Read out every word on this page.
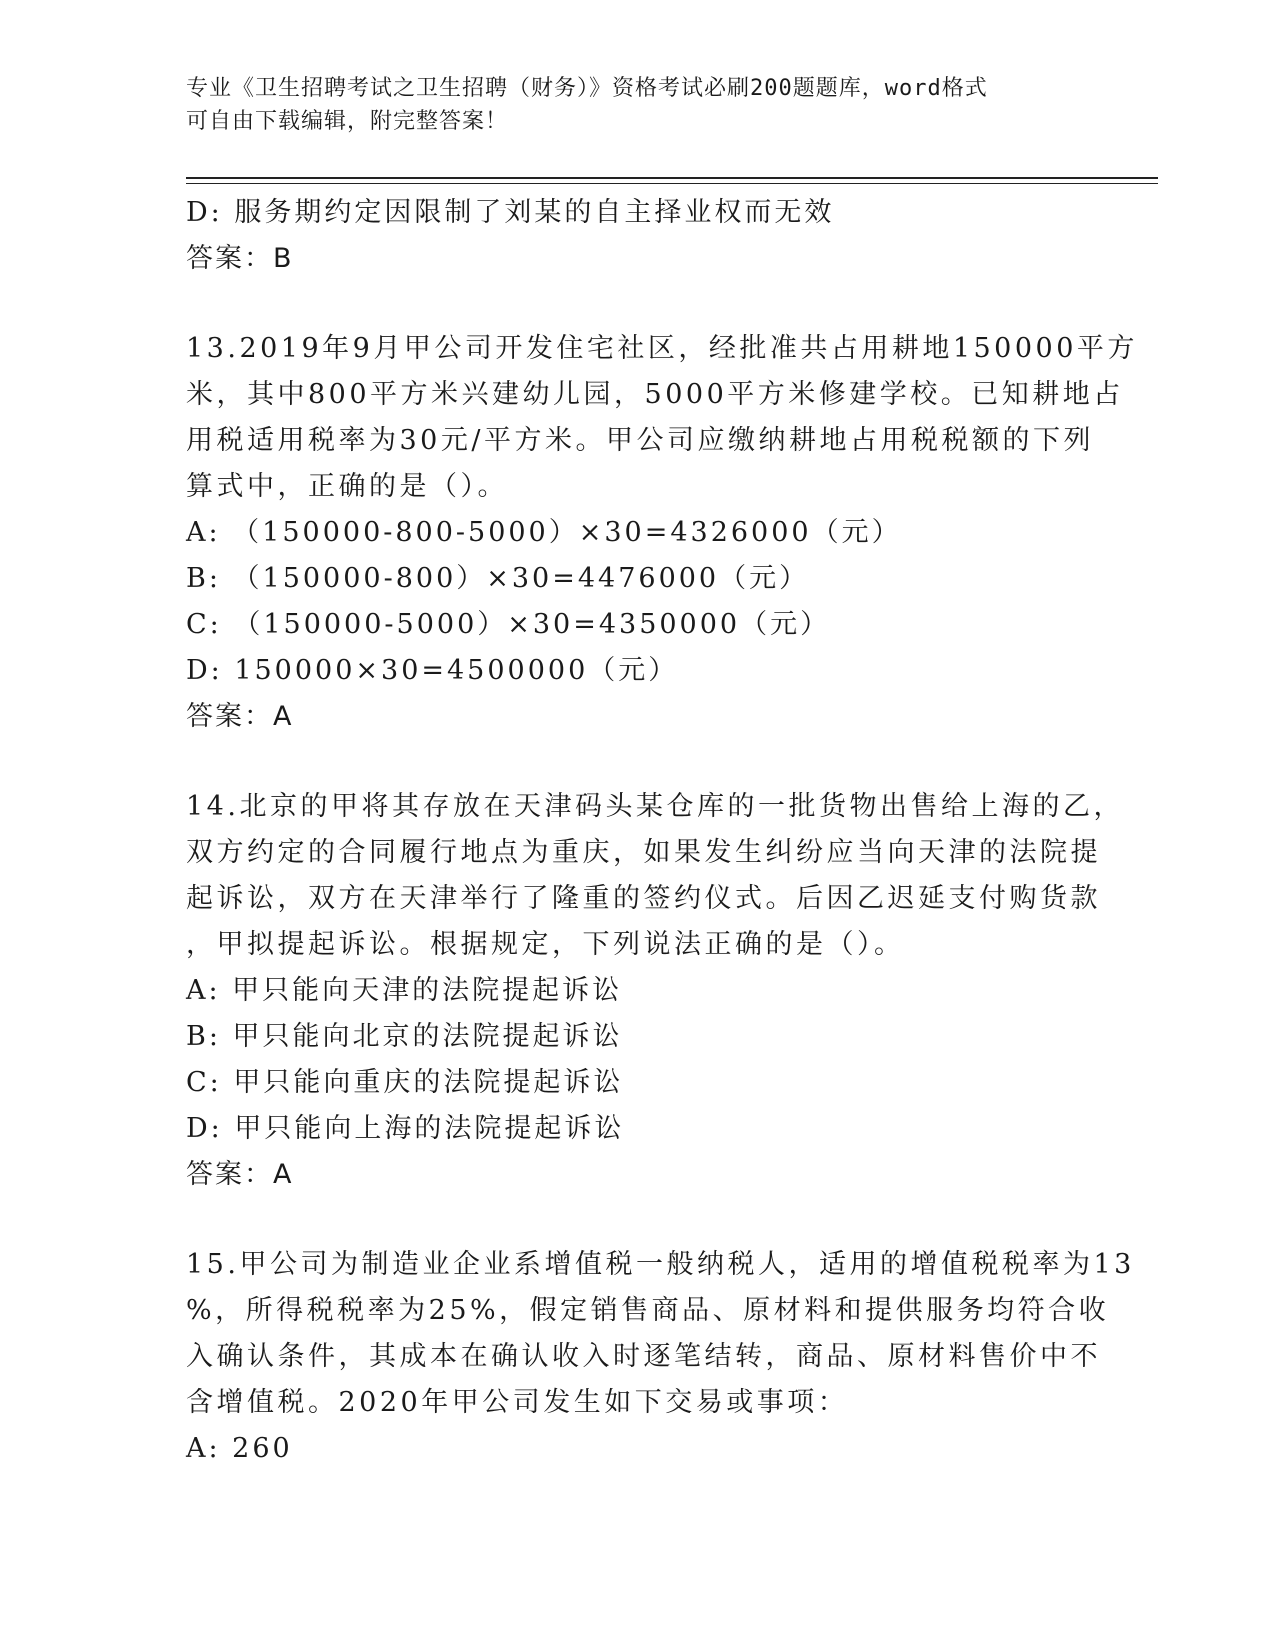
专业《卫生招聘考试之卫生招聘（财务）》资格考试必刷200题题库，word格式
可自由下载编辑，附完整答案！
D: 服务期约定因限制了刘某的自主择业权而无效
答案：B
13.2019年9月甲公司开发住宅社区，经批准共占用耕地150000平方
米，其中800平方米兴建幼儿园，5000平方米修建学校。已知耕地占
用税适用税率为30元/平方米。甲公司应缴纳耕地占用税税额的下列
算式中，正确的是（）。
A: （150000-800-5000）×30=4326000（元）
B: （150000-800）×30=4476000（元）
C: （150000-5000）×30=4350000（元）
D: 150000×30=4500000（元）
答案：A
14.北京的甲将其存放在天津码头某仓库的一批货物出售给上海的乙，
双方约定的合同履行地点为重庆，如果发生纠纷应当向天津的法院提
起诉讼，双方在天津举行了隆重的签约仪式。后因乙迟延支付购货款
，甲拟提起诉讼。根据规定，下列说法正确的是（）。
A: 甲只能向天津的法院提起诉讼
B: 甲只能向北京的法院提起诉讼
C: 甲只能向重庆的法院提起诉讼
D: 甲只能向上海的法院提起诉讼
答案：A
15.甲公司为制造业企业系增值税一般纳税人，适用的增值税税率为13
%，所得税税率为25%，假定销售商品、原材料和提供服务均符合收
入确认条件，其成本在确认收入时逐笔结转，商品、原材料售价中不
含增值税。2020年甲公司发生如下交易或事项：
A: 260
